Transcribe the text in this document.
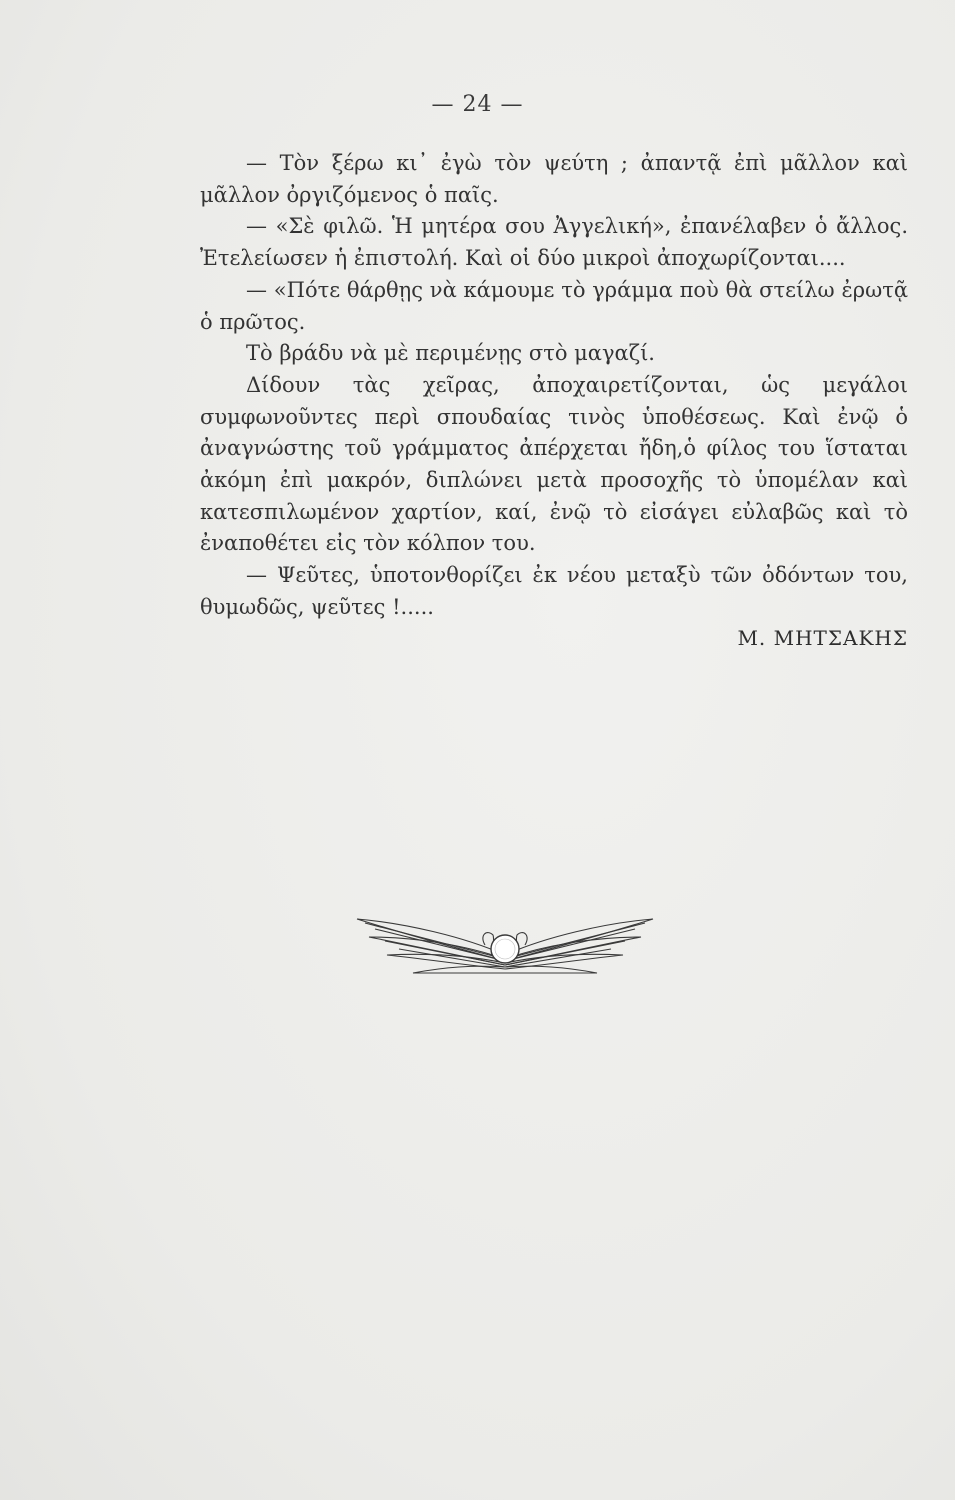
— 24 —

— Τὸν ξέρω κι᾽ ἐγὼ τὸν ψεύτη ; ἀπαντᾷ ἐπὶ μᾶλλον καὶ μᾶλλον ὀργιζόμενος ὁ παῖς.

— «Σὲ φιλῶ. Ἡ μητέρα σου Ἀγγελική», ἐπανέλαβεν ὁ ἄλλος. Ἐτελείωσεν ἡ ἐπιστολή. Καὶ οἱ δύο μικροὶ ἀποχωρίζονται....

— «Πότε θάρθῃς νὰ κάμουμε τὸ γράμμα ποὺ θὰ στείλω ἐρωτᾷ ὁ πρῶτος.

Τὸ βράδυ νὰ μὲ περιμένῃς στὸ μαγαζί.

Δίδουν τὰς χεῖρας, ἀποχαιρετίζονται, ὡς μεγάλοι συμφωνοῦντες περὶ σπουδαίας τινὸς ὑποθέσεως. Καὶ ἐνῷ ὁ ἀναγνώστης τοῦ γράμματος ἀπέρχεται ἤδη,ὁ φίλος του ἵσταται ἀκόμη ἐπὶ μακρόν, διπλώνει μετὰ προσοχῆς τὸ ὑπομέλαν καὶ κατεσπιλωμένον χαρτίον, καί, ἐνῷ τὸ εἰσάγει εὐλαβῶς καὶ τὸ ἐναποθέτει εἰς τὸν κόλπον του.

— Ψεῦτες, ὑποτονθορίζει ἐκ νέου μεταξὺ τῶν ὀδόντων του, θυμωδῶς, ψεῦτες !.....

Μ. ΜΗΤΣΑΚΗΣ
